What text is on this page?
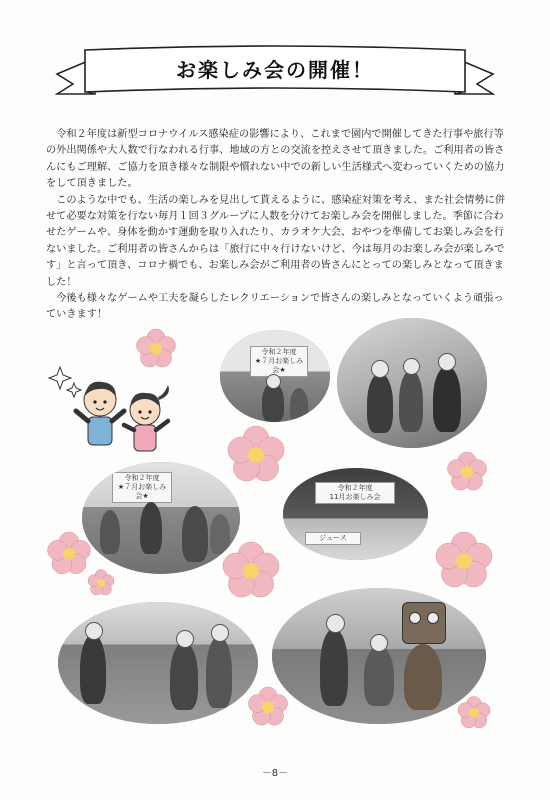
お楽しみ会の開催！

令和２年度は新型コロナウイルス感染症の影響により、これまで園内で開催してきた行事や旅行等の外出関係や大人数で行なわれる行事、地域の方との交流を控えさせて頂きました。ご利用者の皆さんにもご理解、ご協力を頂き様々な制限や慣れない中での新しい生活様式へ変わっていくための協力をして頂きました。

このような中でも、生活の楽しみを見出して貰えるように、感染症対策を考え、また社会情勢に併せて必要な対策を行ない毎月１回３グループに人数を分けてお楽しみ会を開催しました。季節に合わせたゲームや、身体を動かす運動を取り入れたり、カラオケ大会、おやつを準備してお楽しみ会を行ないました。ご利用者の皆さんからは「旅行に中々行けないけど、今は毎月のお楽しみ会が楽しみです」と言って頂き、コロナ禍でも、お楽しみ会がご利用者の皆さんにとっての楽しみとなって頂きました！

今後も様々なゲームや工夫を凝らしたレクリエーションで皆さんの楽しみとなっていくよう頑張っていきます！

令和２年度
★７月お楽しみ会★
令和２年度
★７月お楽しみ会★
令和２年度
11月お楽しみ会
ジュース
－8－
